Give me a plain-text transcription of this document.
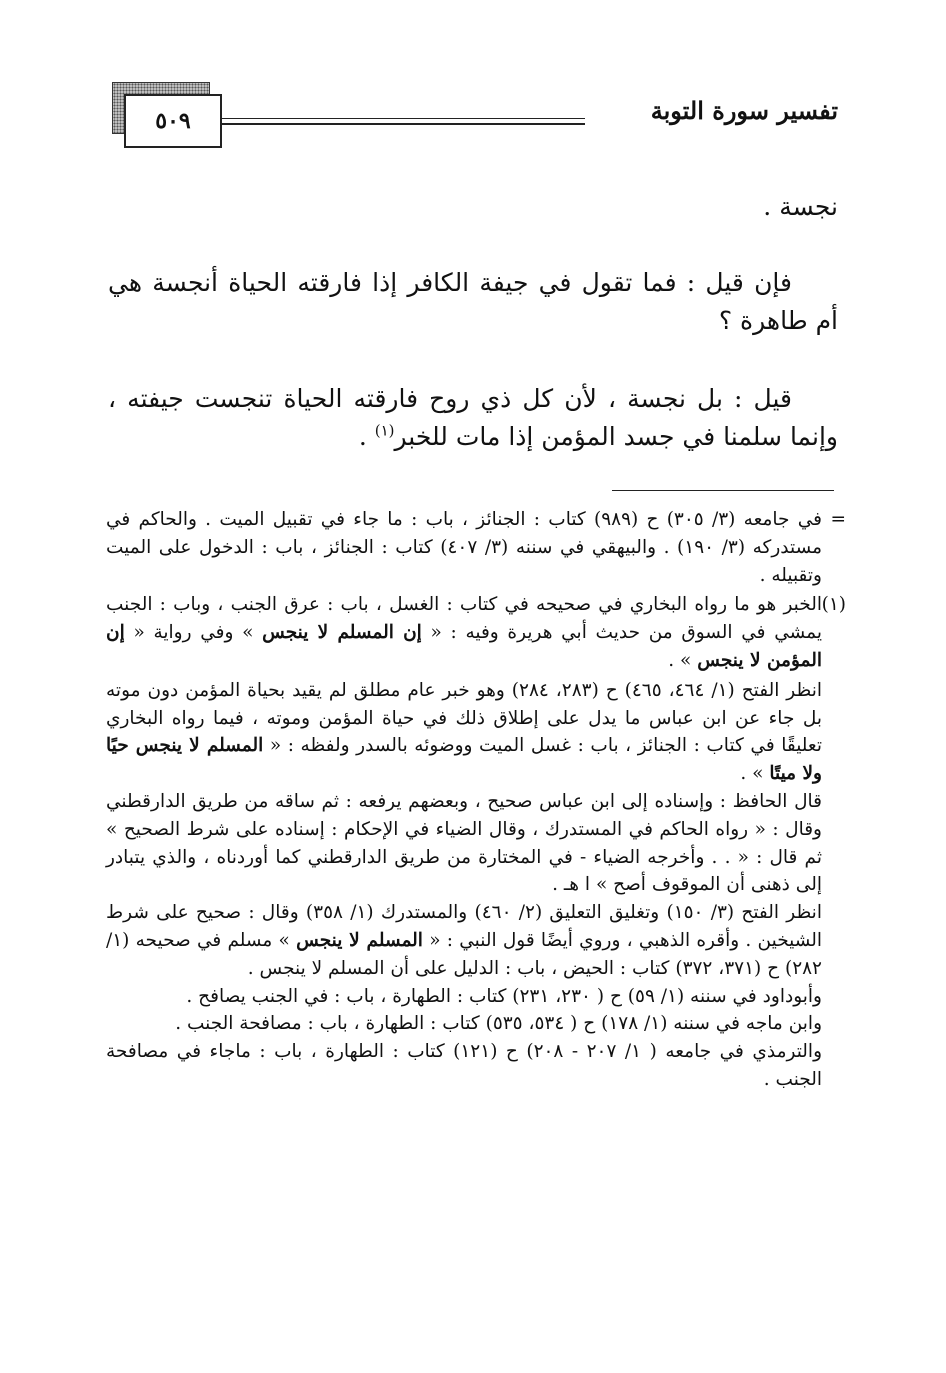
تفسير سورة التوبة
٥٠٩

نجسة .

فإن قيل : فما تقول في جيفة الكافر إذا فارقته الحياة أنجسة هي أم طاهرة ؟

قيل : بل نجسة ، لأن كل ذي روح فارقته الحياة تنجست جيفته ، وإنما سلمنا في جسد المؤمن إذا مات للخبر$^{(١)}$ .

=
في جامعه (٣/ ٣٠٥) ح (٩٨٩) كتاب : الجنائز ، باب : ما جاء في تقبيل الميت . والحاكم في مستدركه (٣/ ١٩٠) . والبيهقي في سننه (٣/ ٤٠٧) كتاب : الجنائز ، باب : الدخول على الميت وتقبيله .

(١)
الخبر هو ما رواه البخاري في صحيحه في كتاب : الغسل ، باب : عرق الجنب ، وباب : الجنب يمشي في السوق من حديث أبي هريرة وفيه : « إن المسلم لا ينجس » وفي رواية « إن المؤمن لا ينجس » .

انظر الفتح (١/ ٤٦٤، ٤٦٥) ح (٢٨٣، ٢٨٤) وهو خبر عام مطلق لم يقيد بحياة المؤمن دون موته بل جاء عن ابن عباس ما يدل على إطلاق ذلك في حياة المؤمن وموته ، فيما رواه البخاري تعليقًا في كتاب : الجنائز ، باب : غسل الميت ووضوئه بالسدر ولفظه : « المسلم لا ينجس حيًا ولا ميتًا » .

قال الحافظ : وإسناده إلى ابن عباس صحيح ، وبعضهم يرفعه : ثم ساقه من طريق الدارقطني وقال : « رواه الحاكم في المستدرك ، وقال الضياء في الإحكام : إسناده على شرط الصحيح » ثم قال : « . . وأخرجه الضياء - في المختارة من طريق الدارقطني كما أوردناه ، والذي يتبادر إلى ذهنى أن الموقوف أصح » ا هـ .

انظر الفتح (٣/ ١٥٠) وتغليق التعليق (٢/ ٤٦٠) والمستدرك (١/ ٣٥٨) وقال : صحيح على شرط الشيخين . وأقره الذهبي ، وروي أيضًا قول النبي : « المسلم لا ينجس » مسلم في صحيحه (١/ ٢٨٢) ح (٣٧١، ٣٧٢) كتاب : الحيض ، باب : الدليل على أن المسلم لا ينجس .

وأبوداود في سننه (١/ ٥٩) ح ( ٢٣٠، ٢٣١) كتاب : الطهارة ، باب : في الجنب يصافح .

وابن ماجه في سننه (١/ ١٧٨) ح ( ٥٣٤، ٥٣٥) كتاب : الطهارة ، باب : مصافحة الجنب .

والترمذي في جامعه ( ١/ ٢٠٧ - ٢٠٨) ح (١٢١) كتاب : الطهارة ، باب : ماجاء في مصافحة الجنب .
